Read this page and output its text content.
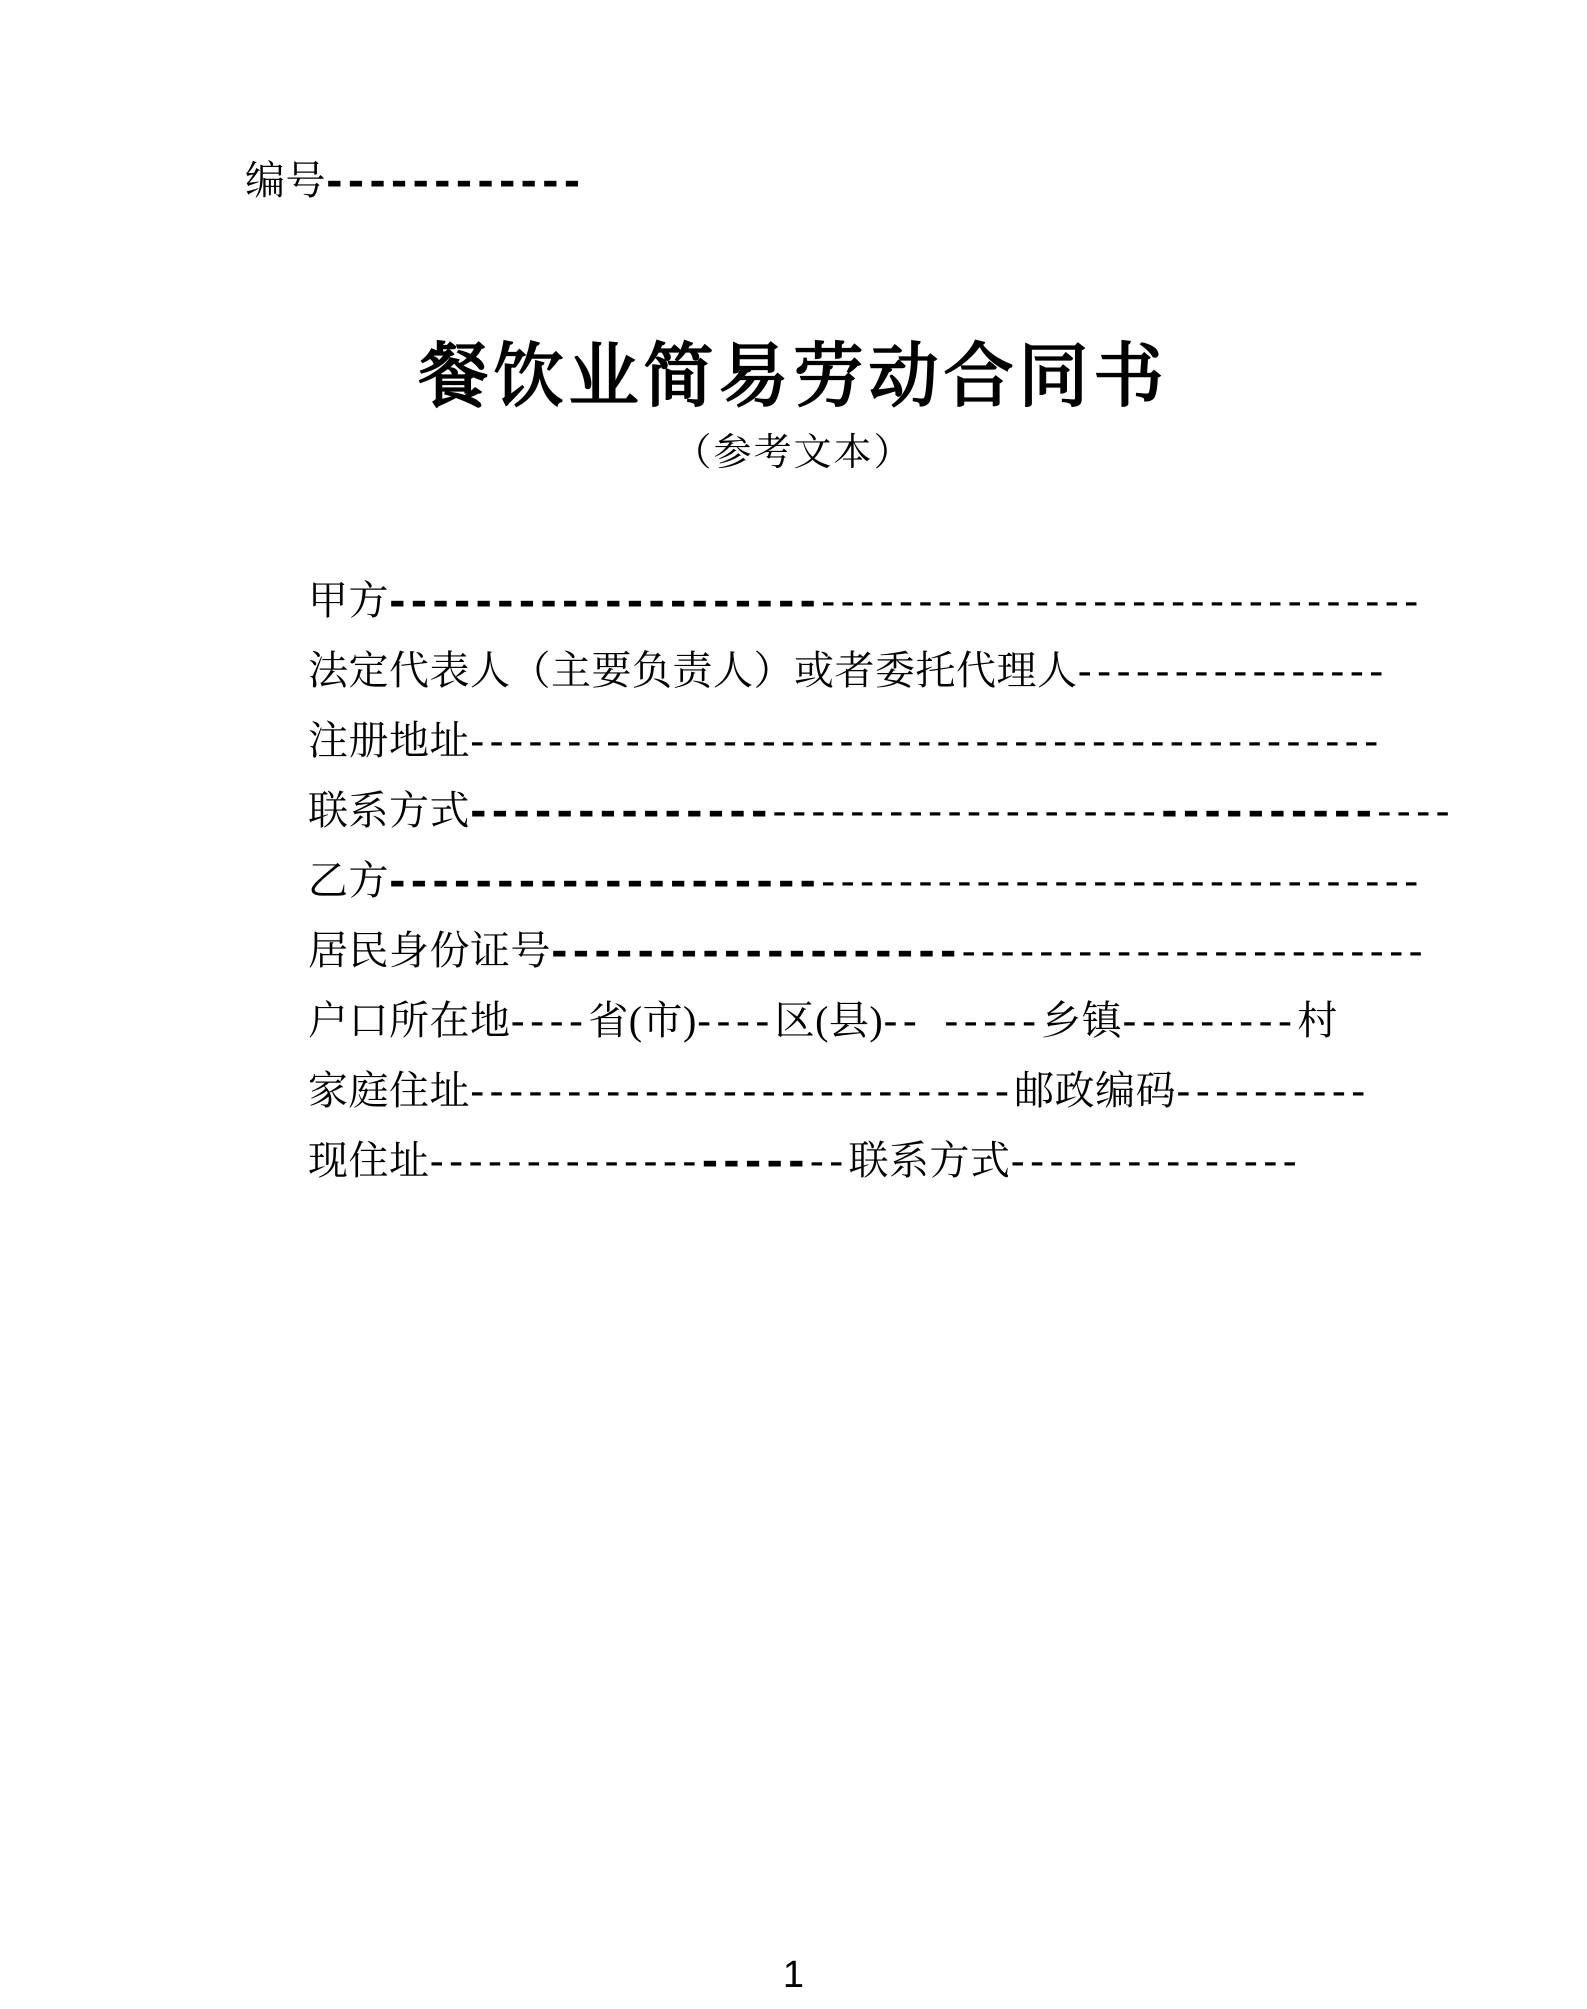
编号------------
餐饮业简易劳动合同书
（参考文本）
甲方---------------------------------------------------
法定代表人（主要负责人）或者委托代理人----------------
注册地址-----------------------------------------------
联系方式------------------------------------------------
乙方---------------------------------------------------
居民身份证号-------------------------------------------
户口所在地----省(市)----区(县)-- -----乡镇---------村
家庭住址----------------------------邮政编码----------
现住址---------------------联系方式---------------
1
